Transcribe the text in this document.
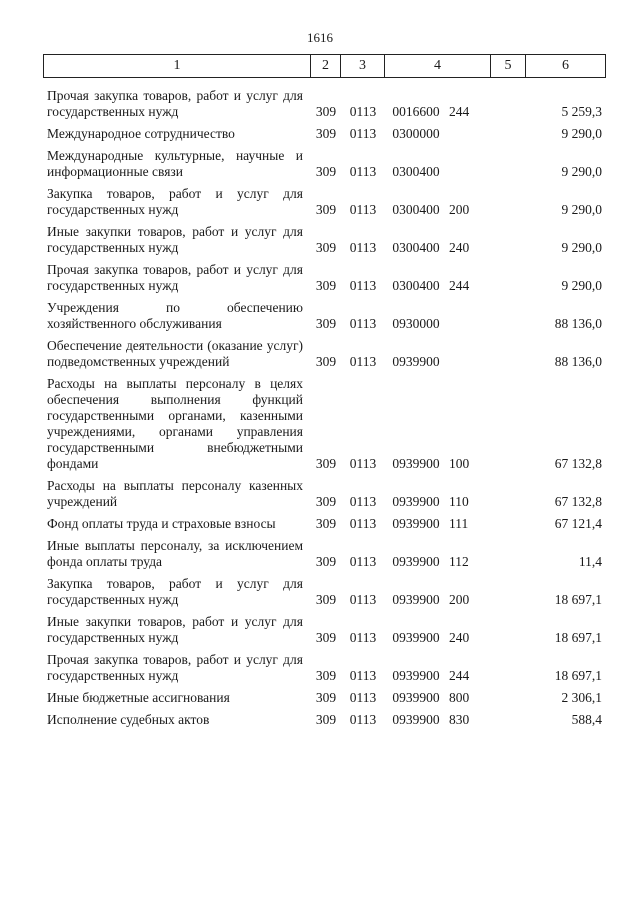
1616
1	2	3	4	5	6
Прочая закупка товаров, работ и услуг для государственных нужд	309	0113	0016600 244	5 259,3
Международное сотрудничество	309	0113	0300000	9 290,0
Международные культурные, научные и информационные связи	309	0113	0300400	9 290,0
Закупка товаров, работ и услуг для государственных нужд	309	0113	0300400 200	9 290,0
Иные закупки товаров, работ и услуг для государственных нужд	309	0113	0300400 240	9 290,0
Прочая закупка товаров, работ и услуг для государственных нужд	309	0113	0300400 244	9 290,0
Учреждения по обеспечению хозяйственного обслуживания	309	0113	0930000	88 136,0
Обеспечение деятельности (оказание услуг) подведомственных учреждений	309	0113	0939900	88 136,0
Расходы на выплаты персоналу в целях обеспечения выполнения функций государственными органами, казенными учреждениями, органами управления государственными внебюджетными фондами	309	0113	0939900 100	67 132,8
Расходы на выплаты персоналу казенных учреждений	309	0113	0939900 110	67 132,8
Фонд оплаты труда и страховые взносы	309	0113	0939900 111	67 121,4
Иные выплаты персоналу, за исключением фонда оплаты труда	309	0113	0939900 112	11,4
Закупка товаров, работ и услуг для государственных нужд	309	0113	0939900 200	18 697,1
Иные закупки товаров, работ и услуг для государственных нужд	309	0113	0939900 240	18 697,1
Прочая закупка товаров, работ и услуг для государственных нужд	309	0113	0939900 244	18 697,1
Иные бюджетные ассигнования	309	0113	0939900 800	2 306,1
Исполнение судебных актов	309	0113	0939900 830	588,4
